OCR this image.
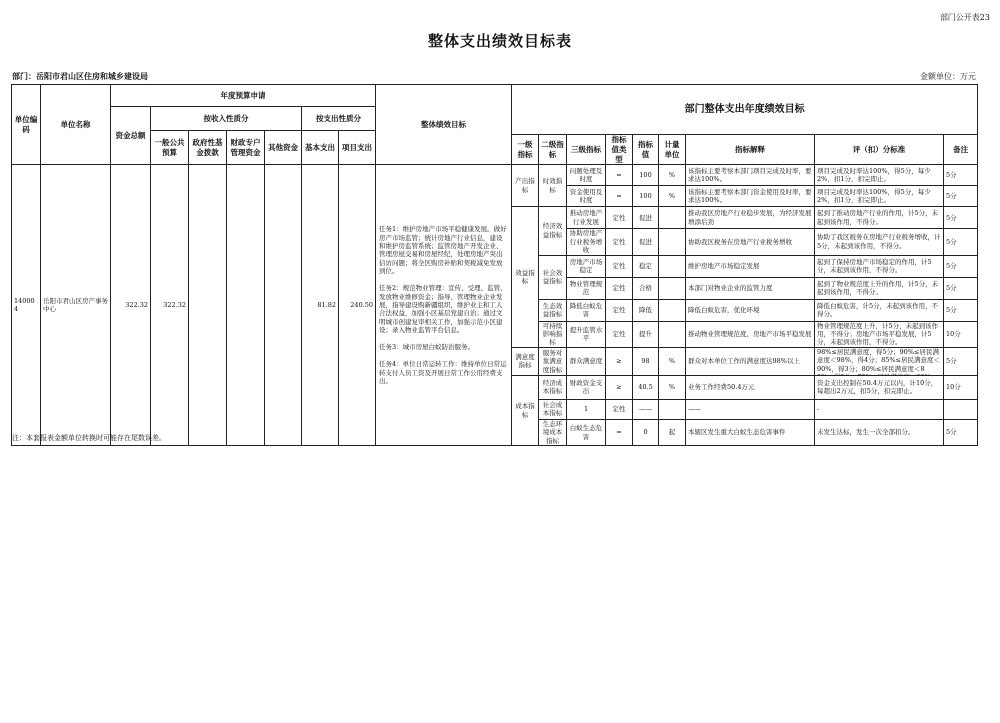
部门公开表23
整体支出绩效目标表
部门：岳阳市君山区住房和城乡建设局	金额单位：万元
单位编码	单位名称	年度预算申请							整体绩效目标	部门整体支出年度绩效目标								
		资金总额	按收入性质分				按支出性质分											
			一般公共预算	政府性基金拨款	财政专户管理资金	其他资金	基本支出	项目支出										
										一级指标	二级指标	三级指标	指标值类型	指标值	计量单位	指标解释	评（扣）分标准	备注
140004	岳阳市君山区房产事务中心	322.32	322.32				81.82	240.50	任务1：维护房地产市场平稳健康发展。做好房产市场监管；统计房地产行业信息，建设和维护房监管系统；监管房地产开发企业、管理房屋交易和房屋经纪，处理房地产突出信访问题；将全区购房补贴和契税减免发放到位。

任务2：规范物业管理：宣传、受理、监管、发放物业维修资金；指导、管理物业企业发展，指导建设购新疆组织，维护业主和工人合法权益，加强小区基层党建自治；通过文明城市创建复审相关工作，加强示范小区建设；录入物业监管平台信息。

任务3：城市房屋白蚁防治服务。

任务4：单位日常运转工作：维持单位日常运转支付人员工资及开展日常工作公用经费支出。	产出指标	时效指标	问题处理及时度	=	100	%	该指标主要考察本部门项目完成及时率，要求达100%。	项目完成及时率达100%，得5分，每少2%，扣1分，扣完即止。	5分
												资金使用及时度	=	100	%	该指标主要考察本部门资金使用及时率，要求达100%。	项目完成及时率达100%，得5分，每少2%，扣1分，扣完即止。	5分
										效益指标	经济效益指标	推动房地产行业发展	定性	促进		推动我区房地产行业稳步发展，为经济发展增添后劲	起到了推动房地产行业的作用，计5分，未起到该作用，不得分。	5分
												协助房地产行业税务增收	定性	促进		协助我区税务在房地产行业税务增收	协助了我区税务在房地产行业税务增收，计5分，未起到该作用，不得分。	5分
											社会效益指标	房地产市场稳定	定性	稳定		维护房地产市场稳定发展	起到了保持房地产市场稳定的作用，计5分，未起到该作用，不得分。	5分
												物业管理规范	定性	合格		本部门对物业企业的监管力度	起到了物业规范度上升的作用，计5分，未起到该作用，不得分。	5分
											生态效益指标	降低白蚁危害	定性	降低		降低白蚁危害，优化环境	降低白蚁危害，计5分，未起到该作用，不得分。	5分
											可持续影响指标	提升监管水平	定性	提升		推动物业管理规范度、房地产市场平稳发展	物业管理规范度上升，计5分，未起到该作用，不得分；房地产市场平稳发展，计5分，未起到该作用，不得分。	10分
										满意度指标	服务对象满意度指标	群众满意度	≥	98	%	群众对本单位工作的满意度达98%以上	98%≤居民满意度，得5分；90%≤居民满意度＜98%，得4分；85%≤居民满意度＜90%，得3分；80%≤居民满意度＜8	5分
										成本指标	经济成本指标	财政资金支出	≥	40.5	%	业务工作经费50.4万元	资金支出控制在50.4万元以内，计10分，每超出2万元，扣5分，扣完即止。	10分
											社会成本指标	1	定性	——		——	-	
											生态环境成本指标	白蚁生态危害	=	0	起	本辖区发生重大白蚁生态危害事件	未发生达标，发生一次全部扣分。	5分
注：本套报表金额单位转换时可能存在尾数误差。
